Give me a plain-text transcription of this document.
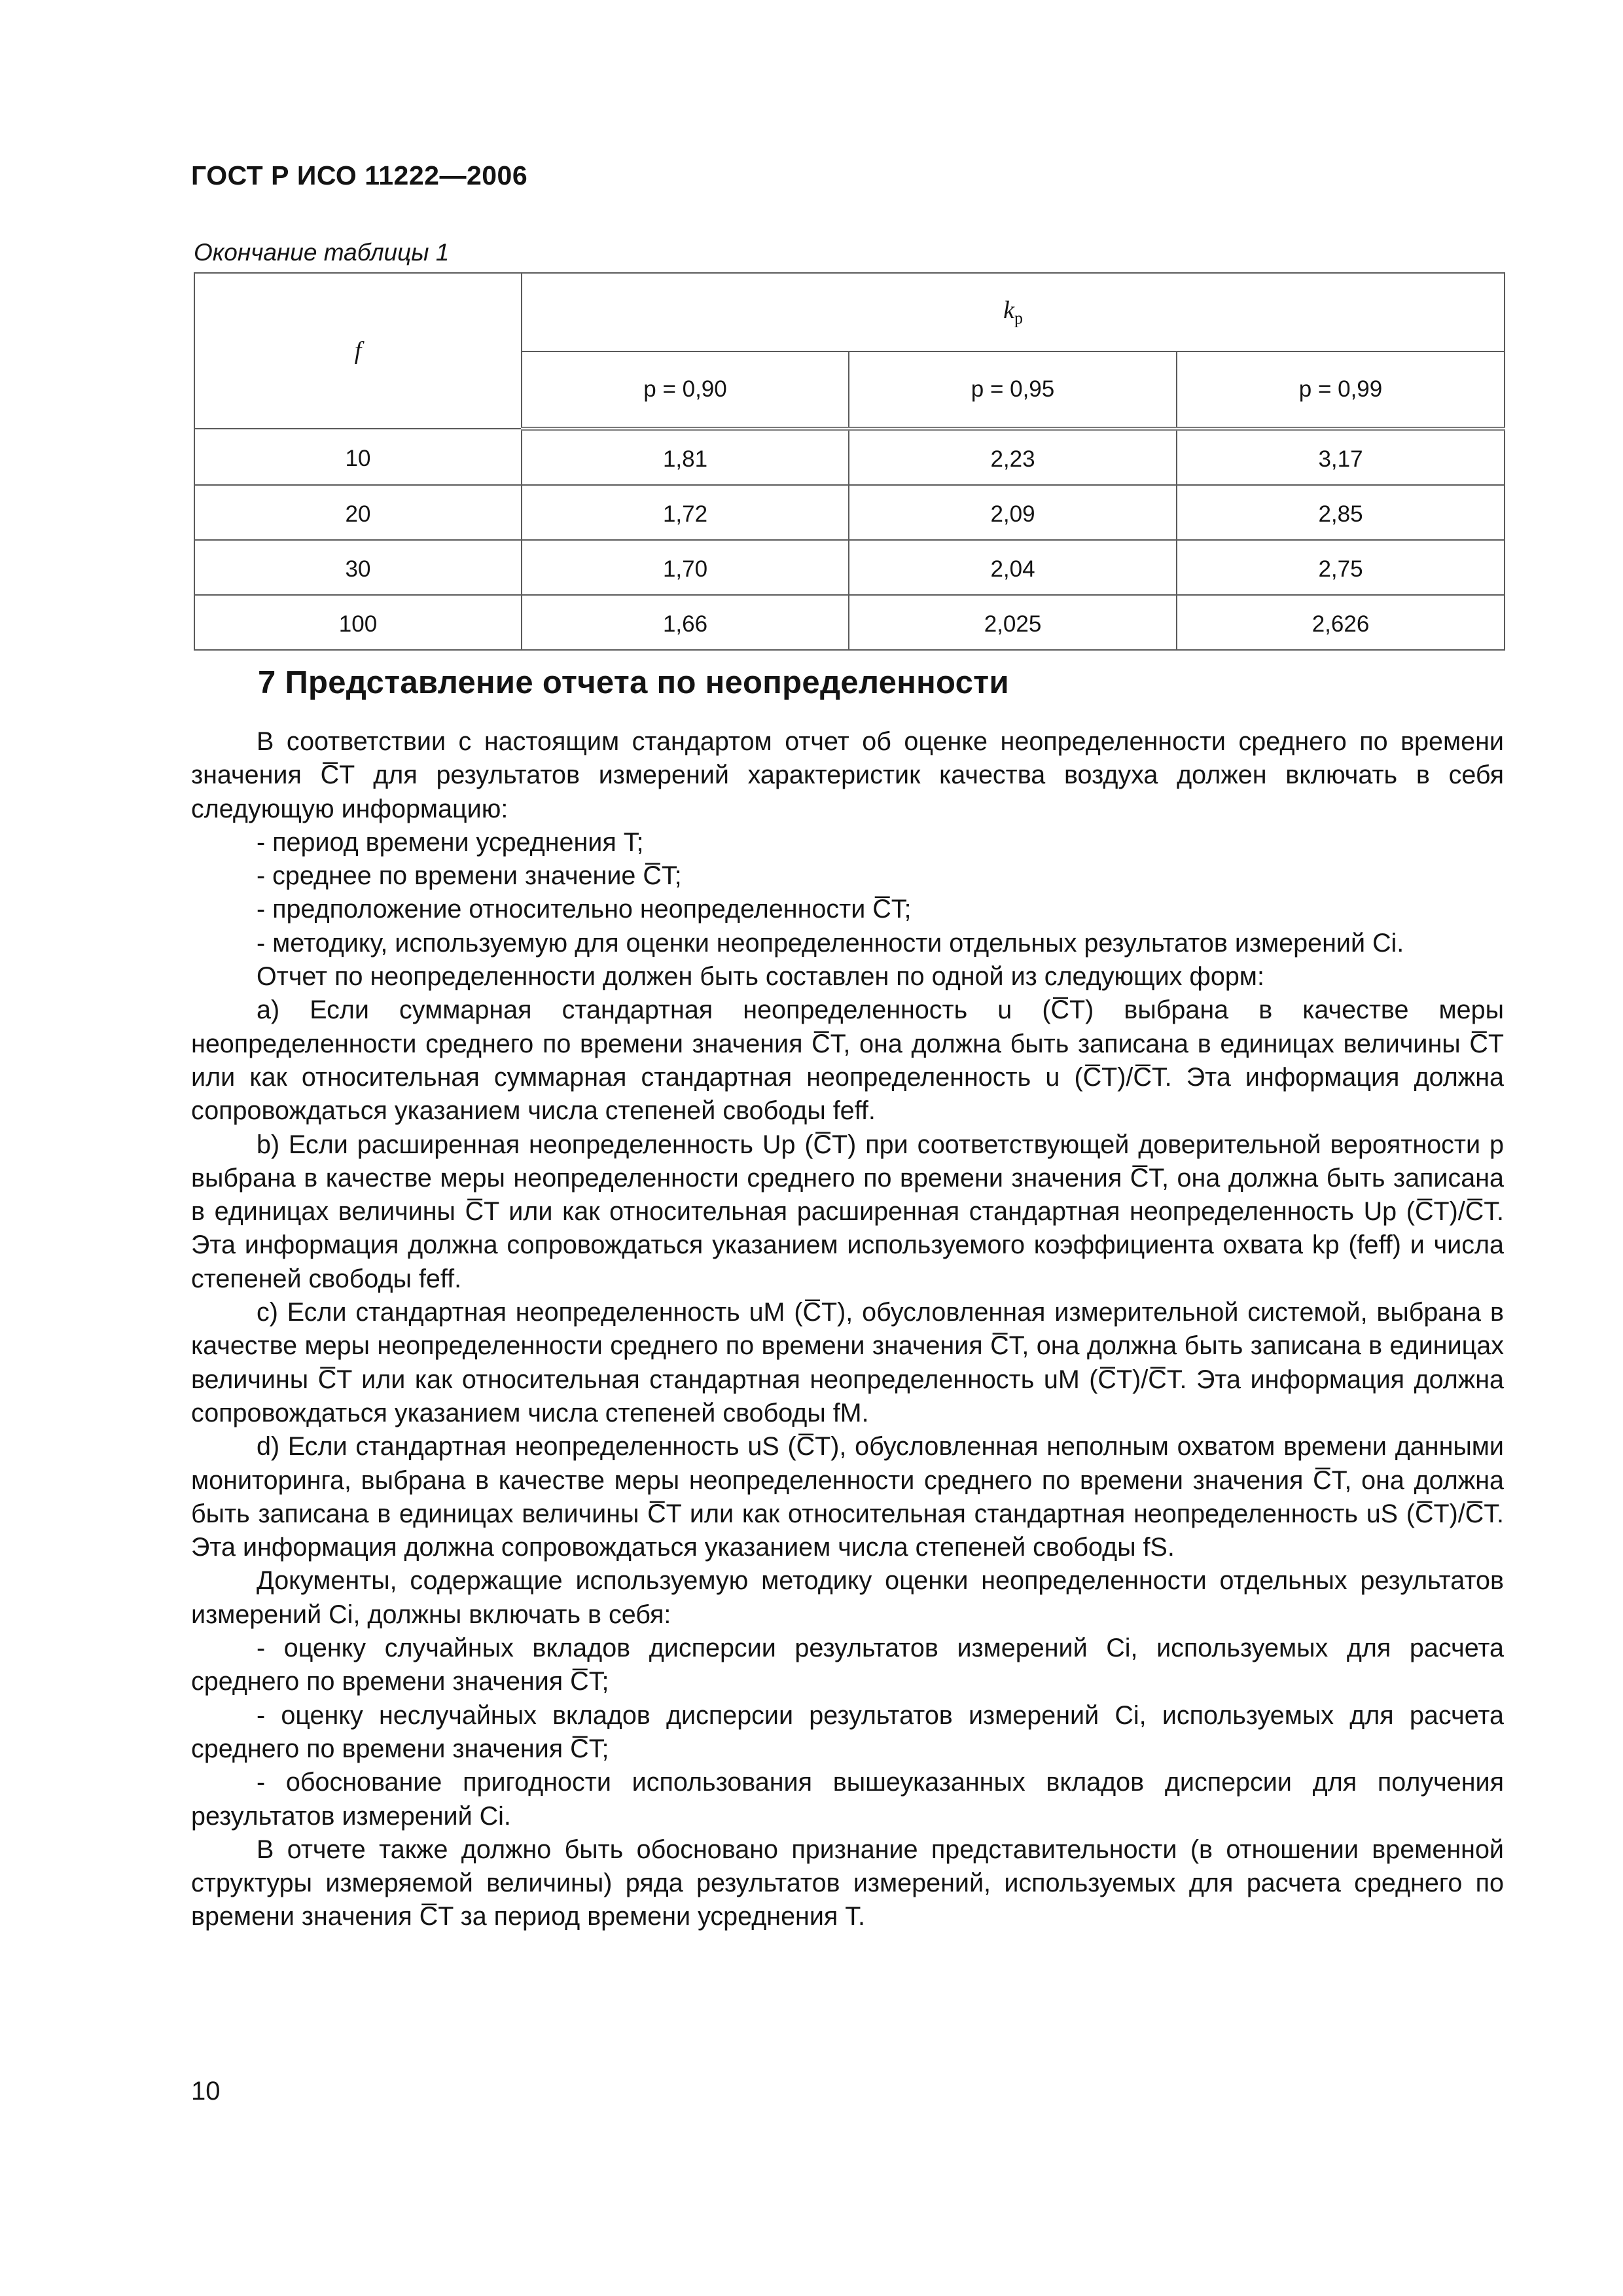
ГОСТ Р ИСО 11222—2006
Окончание таблицы 1
f	$k_p$
	p = 0,90	p = 0,95	p = 0,99
10	1,81	2,23	3,17
20	1,72	2,09	2,85
30	1,70	2,04	2,75
100	1,66	2,025	2,626
7 Представление отчета по неопределенности

В соответствии с настоящим стандартом отчет об оценке неопределенности среднего по времени значения C̅T для результатов измерений характеристик качества воздуха должен включать в себя следующую информацию:

- период времени усреднения T;

- среднее по времени значение C̅T;

- предположение относительно неопределенности C̅T;

- методику, используемую для оценки неопределенности отдельных результатов измерений Ci.

Отчет по неопределенности должен быть составлен по одной из следующих форм:

a) Если суммарная стандартная неопределенность u (C̅T) выбрана в качестве меры неопределенности среднего по времени значения C̅T, она должна быть записана в единицах величины C̅T или как относительная суммарная стандартная неопределенность u (C̅T)/C̅T. Эта информация должна сопровождаться указанием числа степеней свободы feff.

b) Если расширенная неопределенность Up (C̅T) при соответствующей доверительной вероятности p выбрана в качестве меры неопределенности среднего по времени значения C̅T, она должна быть записана в единицах величины C̅T или как относительная расширенная стандартная неопределенность Up (C̅T)/C̅T. Эта информация должна сопровождаться указанием используемого коэффициента охвата kp (feff) и числа степеней свободы feff.

c) Если стандартная неопределенность uM (C̅T), обусловленная измерительной системой, выбрана в качестве меры неопределенности среднего по времени значения C̅T, она должна быть записана в единицах величины C̅T или как относительная стандартная неопределенность uM (C̅T)/C̅T. Эта информация должна сопровождаться указанием числа степеней свободы fM.

d) Если стандартная неопределенность uS (C̅T), обусловленная неполным охватом времени данными мониторинга, выбрана в качестве меры неопределенности среднего по времени значения C̅T, она должна быть записана в единицах величины C̅T или как относительная стандартная неопределенность uS (C̅T)/C̅T. Эта информация должна сопровождаться указанием числа степеней свободы fS.

Документы, содержащие используемую методику оценки неопределенности отдельных результатов измерений Ci, должны включать в себя:

- оценку случайных вкладов дисперсии результатов измерений Ci, используемых для расчета среднего по времени значения C̅T;

- оценку неслучайных вкладов дисперсии результатов измерений Ci, используемых для расчета среднего по времени значения C̅T;

- обоснование пригодности использования вышеуказанных вкладов дисперсии для получения результатов измерений Ci.

В отчете также должно быть обосновано признание представительности (в отношении временной структуры измеряемой величины) ряда результатов измерений, используемых для расчета среднего по времени значения C̅T за период времени усреднения T.

10
